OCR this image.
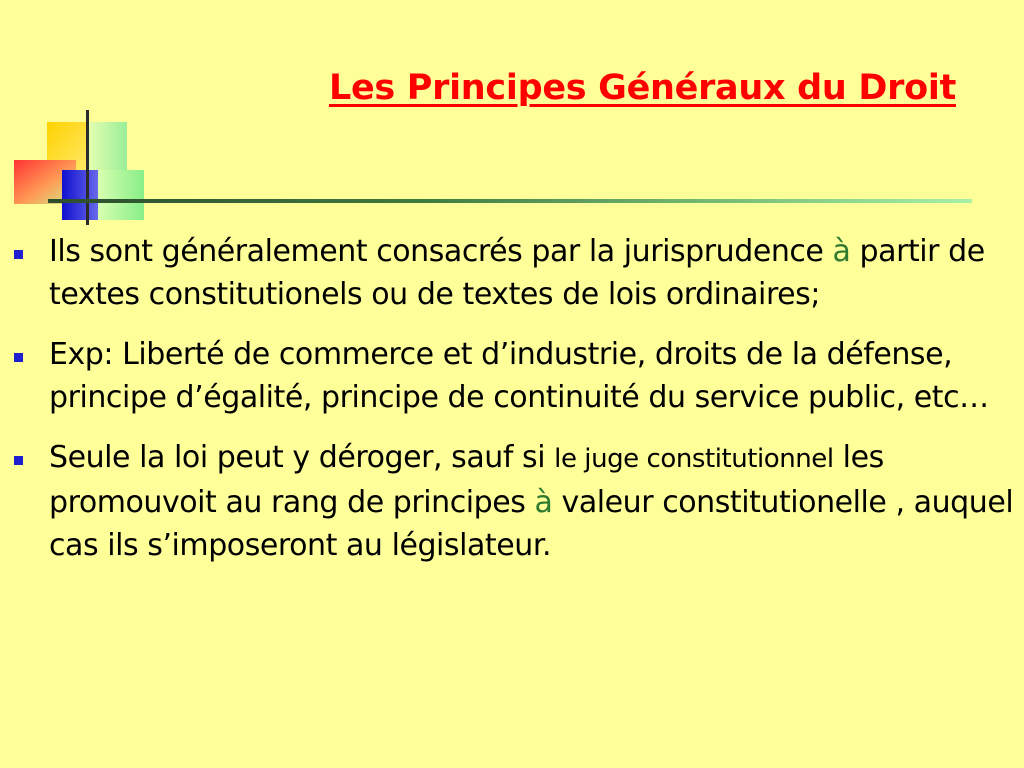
Les Principes Généraux du Droit
Ils sont généralement consacrés par la jurisprudence à partir de textes constitutionels ou de textes de lois ordinaires;
Exp: Liberté de commerce et d’industrie, droits de la défense, principe d’égalité, principe de continuité du service public, etc…
Seule la loi peut y déroger, sauf si le juge constitutionnel les promouvoit au rang de principes à valeur constitutionelle , auquel cas ils s’imposeront au législateur.
